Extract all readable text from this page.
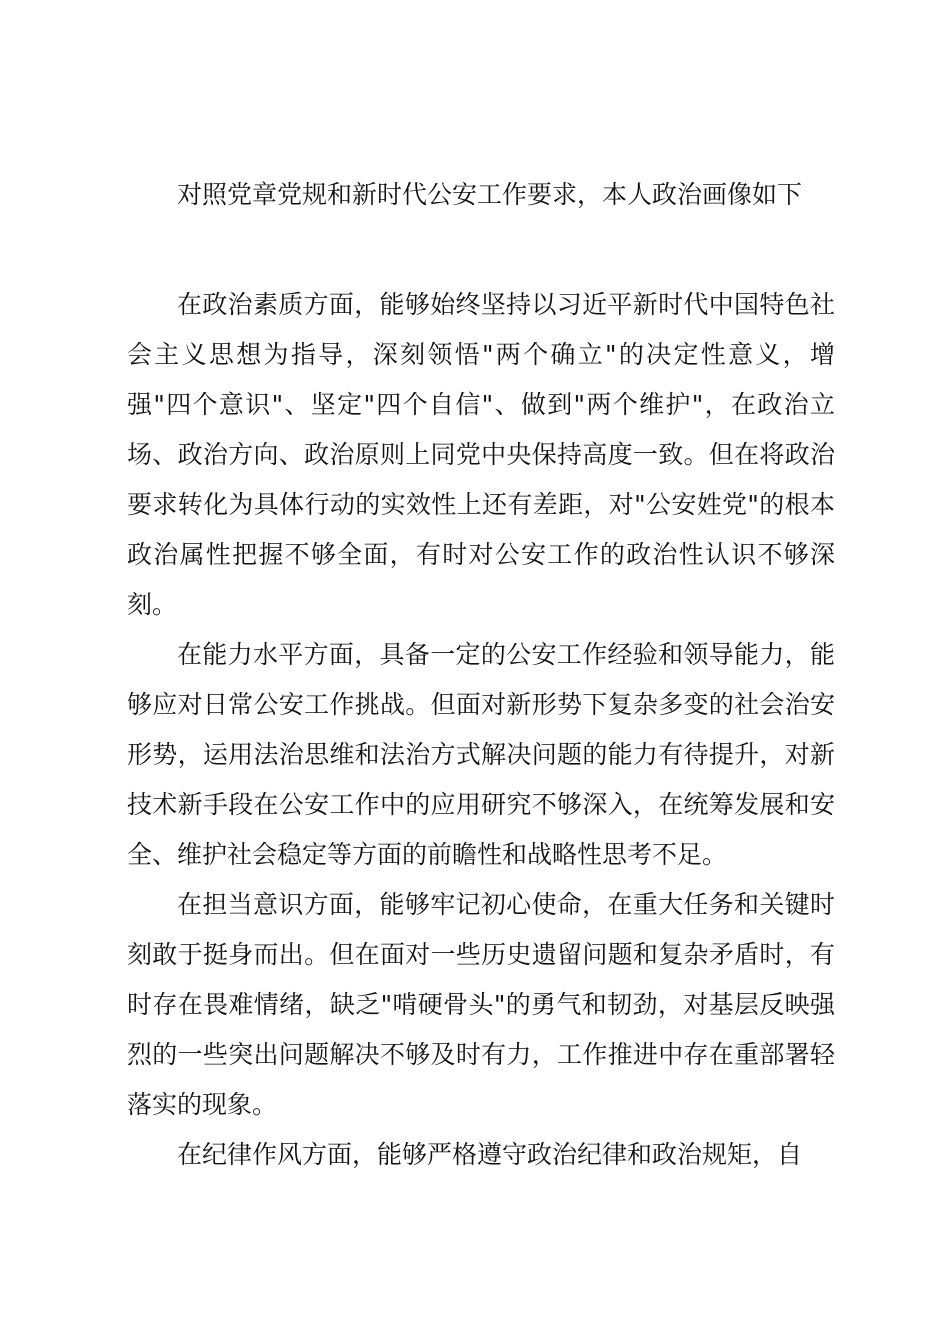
对照党章党规和新时代公安工作要求，本人政治画像如下

在政治素质方面，能够始终坚持以习近平新时代中国特色社会主义思想为指导，深刻领悟"两个确立"的决定性意义，增强"四个意识"、坚定"四个自信"、做到"两个维护"，在政治立场、政治方向、政治原则上同党中央保持高度一致。但在将政治要求转化为具体行动的实效性上还有差距，对"公安姓党"的根本政治属性把握不够全面，有时对公安工作的政治性认识不够深刻。

在能力水平方面，具备一定的公安工作经验和领导能力，能够应对日常公安工作挑战。但面对新形势下复杂多变的社会治安形势，运用法治思维和法治方式解决问题的能力有待提升，对新技术新手段在公安工作中的应用研究不够深入，在统筹发展和安全、维护社会稳定等方面的前瞻性和战略性思考不足。

在担当意识方面，能够牢记初心使命，在重大任务和关键时刻敢于挺身而出。但在面对一些历史遗留问题和复杂矛盾时，有时存在畏难情绪，缺乏"啃硬骨头"的勇气和韧劲，对基层反映强烈的一些突出问题解决不够及时有力，工作推进中存在重部署轻落实的现象。

在纪律作风方面，能够严格遵守政治纪律和政治规矩，自
